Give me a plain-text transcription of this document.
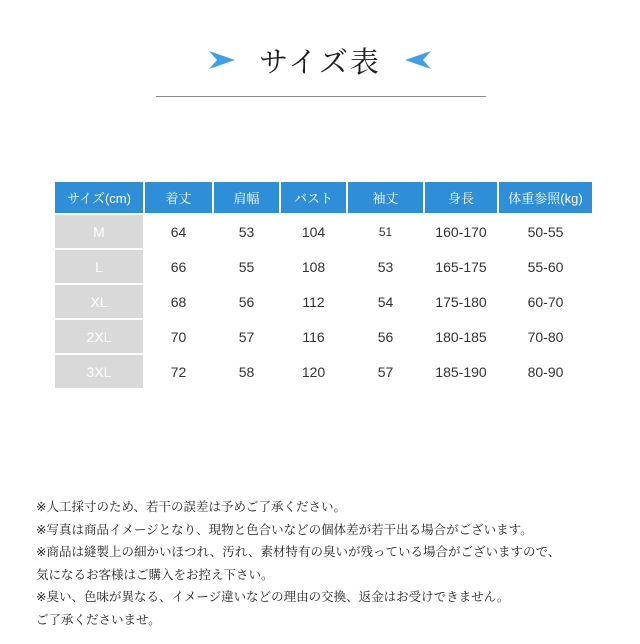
サイズ表
サイズ(cm)	着丈	肩幅	バスト	袖丈	身長	体重参照(kg)
M	64	53	104	51	160-170	50-55
L	66	55	108	53	165-175	55-60
XL	68	56	112	54	175-180	60-70
2XL	70	57	116	56	180-185	70-80
3XL	72	58	120	57	185-190	80-90
※人工採寸のため、若干の誤差は予めご了承ください。
※写真は商品イメージとなり、現物と色合いなどの個体差が若干出る場合がございます。
※商品は縫製上の細かいほつれ、汚れ、素材特有の臭いが残っている場合がございますので、
気になるお客様はご購入をお控え下さい。
※臭い、色味が異なる、イメージ違いなどの理由の交換、返金はお受けできません。
ご了承くださいませ。
